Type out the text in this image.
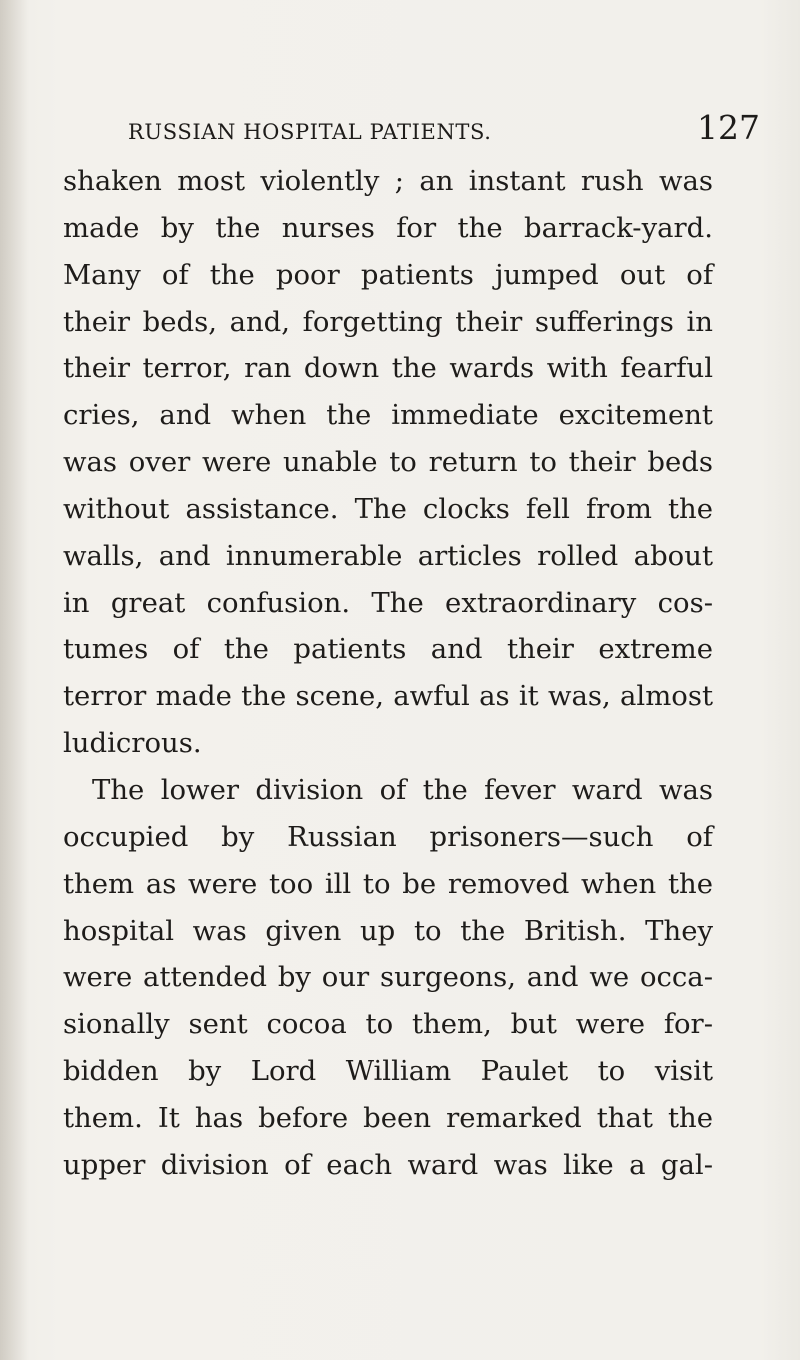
RUSSIAN HOSPITAL PATIENTS.	127
shaken most violently ; an instant rush was
made by the nurses for the barrack-yard.
Many of the poor patients jumped out of
their beds, and, forgetting their sufferings in
their terror, ran down the wards with fearful
cries, and when the immediate excitement
was over were unable to return to their beds
without assistance. The clocks fell from the
walls, and innumerable articles rolled about
in great confusion. The extraordinary cos-
tumes of the patients and their extreme
terror made the scene, awful as it was, almost
ludicrous.
The lower division of the fever ward was
occupied by Russian prisoners—such of
them as were too ill to be removed when the
hospital was given up to the British. They
were attended by our surgeons, and we occa-
sionally sent cocoa to them, but were for-
bidden by Lord William Paulet to visit
them. It has before been remarked that the
upper division of each ward was like a gal-
